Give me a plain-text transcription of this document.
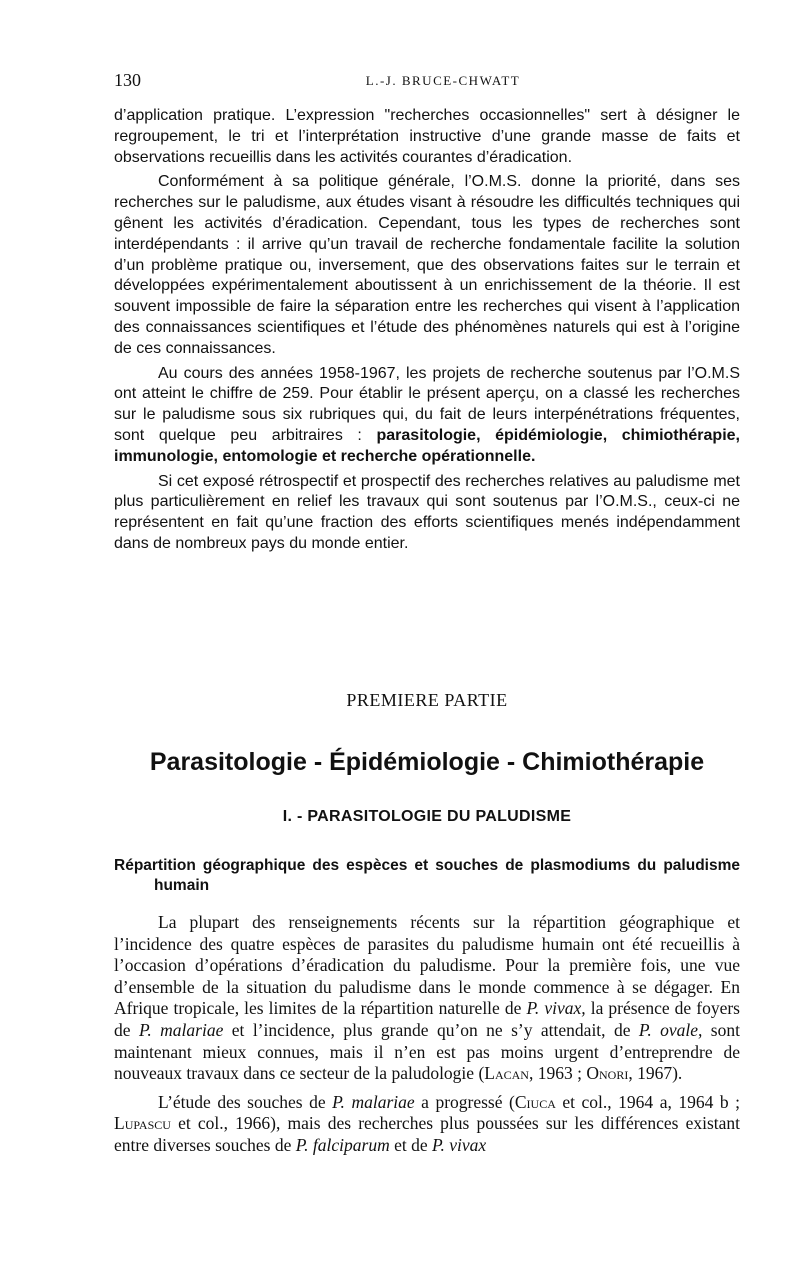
130	L.-J. BRUCE-CHWATT

d’application pratique. L’expression "recherches occasionnelles" sert à désigner le regroupement, le tri et l’interprétation instructive d’une grande masse de faits et observations recueillis dans les activités courantes d’éradication.

Conformément à sa politique générale, l’O.M.S. donne la priorité, dans ses recherches sur le paludisme, aux études visant à résoudre les difficultés techniques qui gênent les activités d’éradication. Cependant, tous les types de recherches sont interdépendants : il arrive qu’un travail de recherche fondamentale facilite la solution d’un problème pratique ou, inversement, que des observations faites sur le terrain et développées expérimentalement aboutissent à un enrichissement de la théorie. Il est souvent impossible de faire la séparation entre les recherches qui visent à l’application des connaissances scientifiques et l’étude des phénomènes naturels qui est à l’origine de ces connaissances.

Au cours des années 1958-1967, les projets de recherche soutenus par l’O.M.S ont atteint le chiffre de 259. Pour établir le présent aperçu, on a classé les recherches sur le paludisme sous six rubriques qui, du fait de leurs interpénétrations fréquentes, sont quelque peu arbitraires : parasitologie, épidémiologie, chimiothérapie, immunologie, entomologie et recherche opérationnelle.

Si cet exposé rétrospectif et prospectif des recherches relatives au paludisme met plus particulièrement en relief les travaux qui sont soutenus par l’O.M.S., ceux-ci ne représentent en fait qu’une fraction des efforts scientifiques menés indépendamment dans de nombreux pays du monde entier.

PREMIERE PARTIE
Parasitologie - Épidémiologie - Chimiothérapie
I. - PARASITOLOGIE DU PALUDISME
Répartition géographique des espèces et souches de plasmodiums du paludisme humain

La plupart des renseignements récents sur la répartition géographique et l’incidence des quatre espèces de parasites du paludisme humain ont été recueillis à l’occasion d’opérations d’éradication du paludisme. Pour la première fois, une vue d’ensemble de la situation du paludisme dans le monde commence à se dégager. En Afrique tropicale, les limites de la répartition naturelle de P. vivax, la présence de foyers de P. malariae et l’incidence, plus grande qu’on ne s’y attendait, de P. ovale, sont maintenant mieux connues, mais il n’en est pas moins urgent d’entreprendre de nouveaux travaux dans ce secteur de la paludologie (Lacan, 1963 ; Onori, 1967).

L’étude des souches de P. malariae a progressé (Ciuca et col., 1964 a, 1964 b ; Lupascu et col., 1966), mais des recherches plus poussées sur les différences existant entre diverses souches de P. falciparum et de P. vivax
